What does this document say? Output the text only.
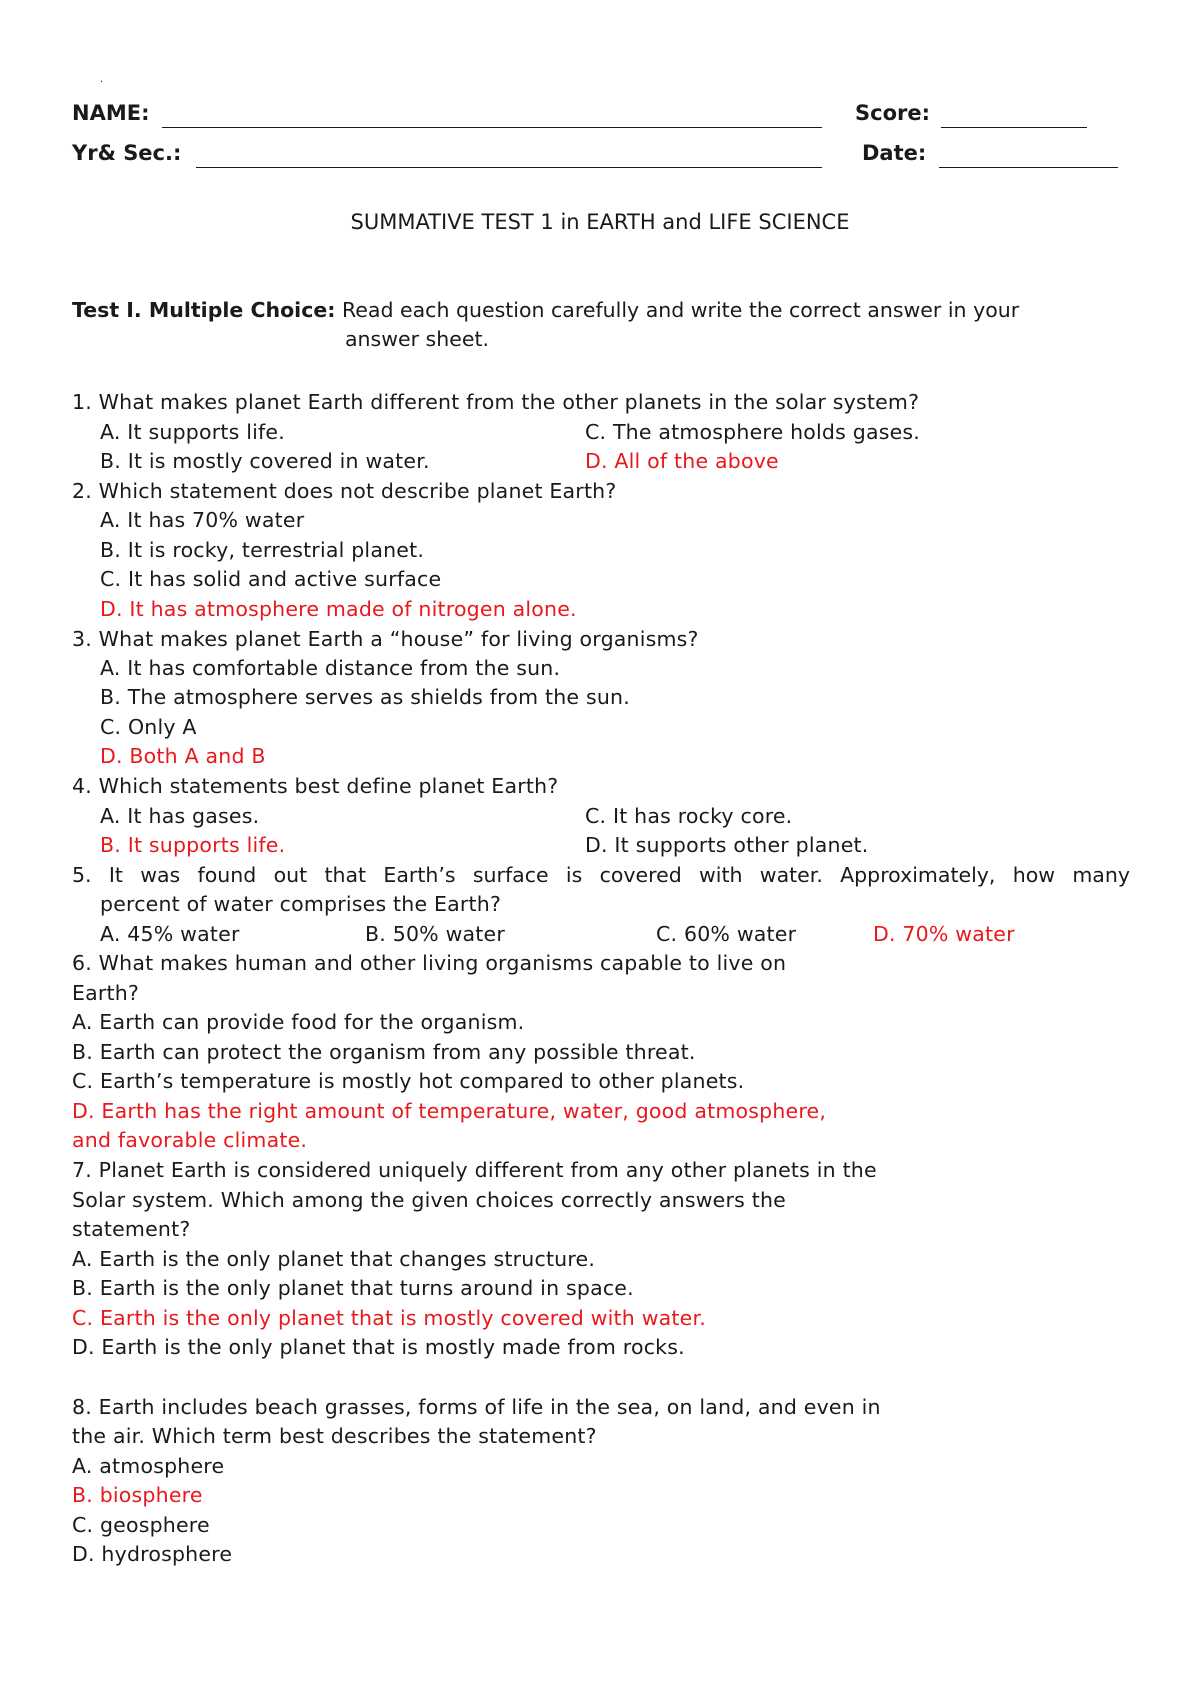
.
NAME:	Score:
Yr& Sec.:	Date:
SUMMATIVE TEST 1 in EARTH and LIFE SCIENCE
Test I. Multiple Choice: Read each question carefully and write the correct answer in your
answer sheet.
1. What makes planet Earth different from the other planets in the solar system?
A. It supports life.	C. The atmosphere holds gases.
B. It is mostly covered in water.	D. All of the above
2. Which statement does not describe planet Earth?
A. It has 70% water
B. It is rocky, terrestrial planet.
C. It has solid and active surface
D. It has atmosphere made of nitrogen alone.
3. What makes planet Earth a “house” for living organisms?
A. It has comfortable distance from the sun.
B. The atmosphere serves as shields from the sun.
C. Only A
D. Both A and B
4. Which statements best define planet Earth?
A. It has gases.	C. It has rocky core.
B. It supports life.	D. It supports other planet.
5. It was found out that Earth’s surface is covered with water. Approximately, how many
percent of water comprises the Earth?
A. 45% water	B. 50% water	C. 60% water	D. 70% water
6. What makes human and other living organisms capable to live on
Earth?
A. Earth can provide food for the organism.
B. Earth can protect the organism from any possible threat.
C. Earth’s temperature is mostly hot compared to other planets.
D. Earth has the right amount of temperature, water, good atmosphere,
and favorable climate.
7. Planet Earth is considered uniquely different from any other planets in the
Solar system. Which among the given choices correctly answers the
statement?
A. Earth is the only planet that changes structure.
B. Earth is the only planet that turns around in space.
C. Earth is the only planet that is mostly covered with water.
D. Earth is the only planet that is mostly made from rocks.
8. Earth includes beach grasses, forms of life in the sea, on land, and even in
the air. Which term best describes the statement?
A. atmosphere
B. biosphere
C. geosphere
D. hydrosphere
